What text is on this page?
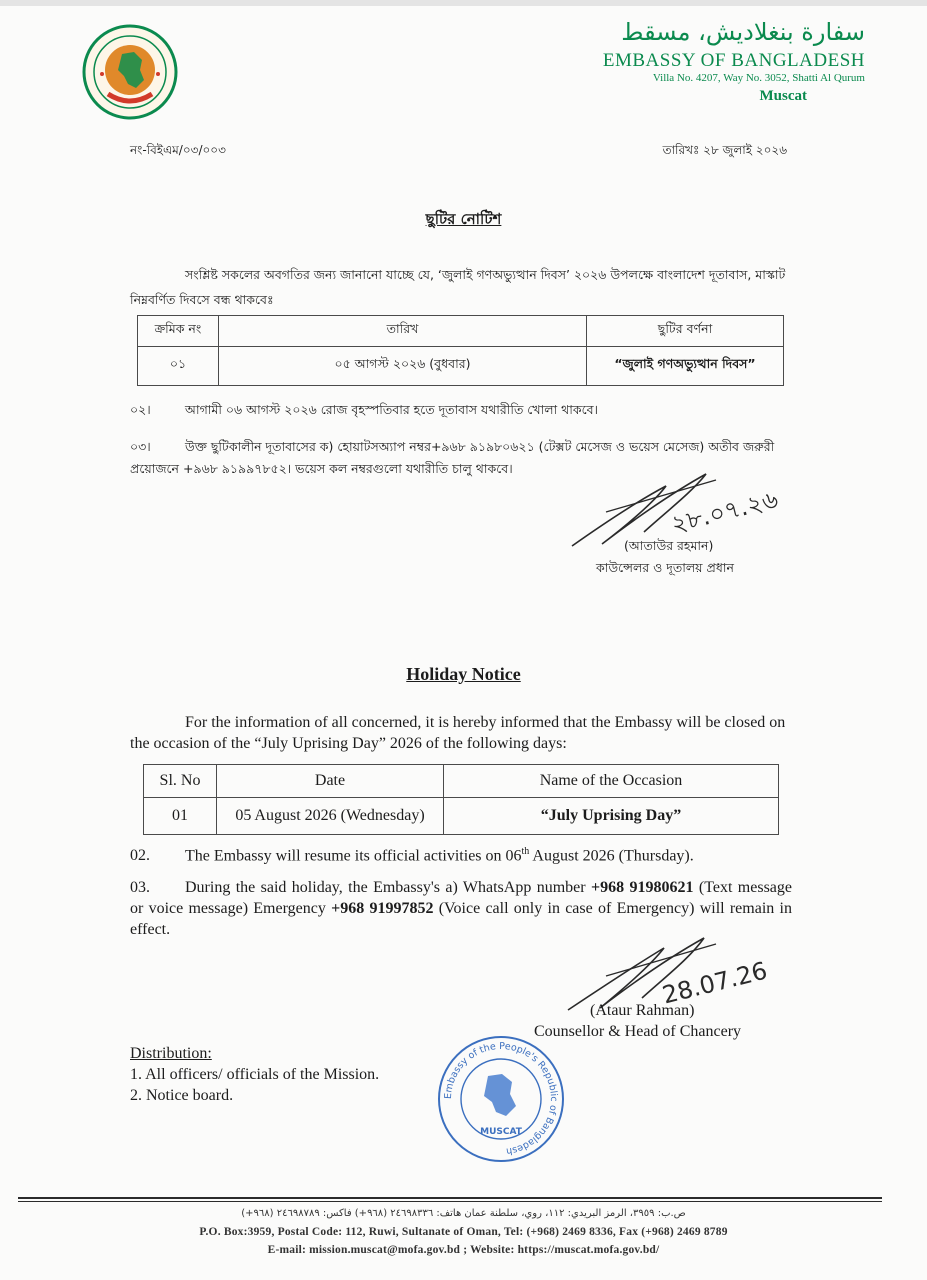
سفارة بنغلاديش، مسقط
EMBASSY OF BANGLADESH
Villa No. 4207, Way No. 3052, Shatti Al Qurum
Muscat
নং-বিইএম/০৩/০০৩	তারিখঃ ২৮ জুলাই ২০২৬
ছুটির নোটিশ
সংশ্লিষ্ট সকলের অবগতির জন্য জানানো যাচ্ছে যে, ‘জুলাই গণঅভ্যুত্থান দিবস’ ২০২৬ উপলক্ষে বাংলাদেশ দূতাবাস, মাস্কাট নিম্নবর্ণিত দিবসে বন্ধ থাকবেঃ
ক্রমিক নং	তারিখ	ছুটির বর্ণনা
০১	০৫ আগস্ট ২০২৬ (বুধবার)	“জুলাই গণঅভ্যুত্থান দিবস”
০২।	আগামী ০৬ আগস্ট ২০২৬ রোজ বৃহস্পতিবার হতে দূতাবাস যথারীতি খোলা থাকবে।
০৩।	উক্ত ছুটিকালীন দূতাবাসের ক) হোয়াটসঅ্যাপ নম্বর+৯৬৮ ৯১৯৮০৬২১ (টেক্সট মেসেজ ও ভয়েস মেসেজ) অতীব জরুরী প্রয়োজনে +৯৬৮ ৯১৯৯৭৮৫২। ভয়েস কল নম্বরগুলো যথারীতি চালু থাকবে।
২৮.০৭.২৬
(আতাউর রহমান)
কাউন্সেলর ও দূতালয় প্রধান
Holiday Notice
For the information of all concerned, it is hereby informed that the Embassy will be closed on the occasion of the “July Uprising Day” 2026 of the following days:
Sl. No	Date	Name of the Occasion
01	05 August 2026 (Wednesday)	“July Uprising Day”
02. The Embassy will resume its official activities on 06th August 2026 (Thursday).
03. During the said holiday, the Embassy's a) WhatsApp number +968 91980621 (Text message or voice message) Emergency +968 91997852 (Voice call only in case of Emergency) will remain in effect.
28.07.26
(Ataur Rahman)
Counsellor & Head of Chancery
Distribution:
1. All officers/ officials of the Mission.
2. Notice board.	Embassy of the People's Republic of Bangladesh
MUSCAT
ص.ب: ٣٩٥٩، الرمز البريدي: ١١٢، روي، سلطنة عمان هاتف: ٢٤٦٩٨٣٣٦ (٩٦٨+) فاكس: ٢٤٦٩٨٧٨٩ (٩٦٨+)
P.O. Box:3959, Postal Code: 112, Ruwi, Sultanate of Oman, Tel: (+968) 2469 8336, Fax (+968) 2469 8789
E-mail: mission.muscat@mofa.gov.bd ; Website: https://muscat.mofa.gov.bd/
